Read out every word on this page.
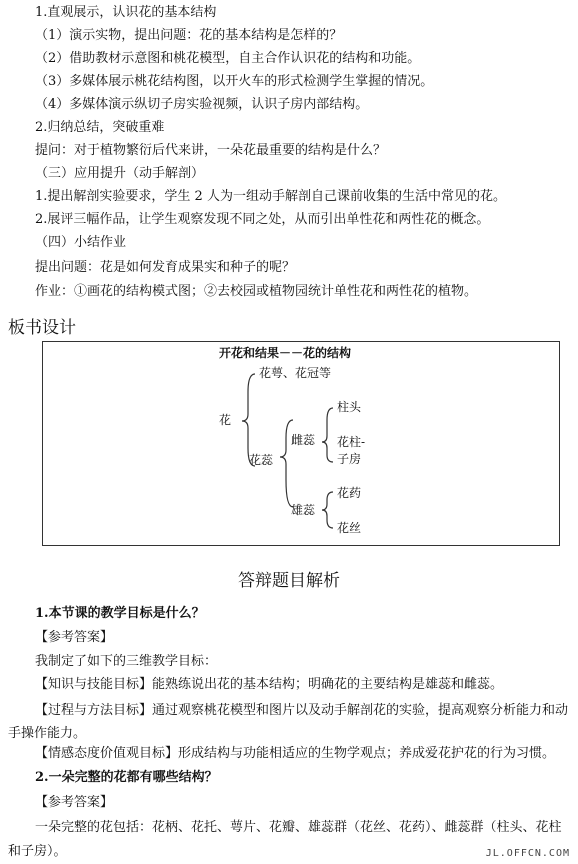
1.直观展示，认识花的基本结构
（1）演示实物，提出问题：花的基本结构是怎样的？
（2）借助教材示意图和桃花模型，自主合作认识花的结构和功能。
（3）多媒体展示桃花结构图，以开火车的形式检测学生掌握的情况。
（4）多媒体演示纵切子房实验视频，认识子房内部结构。
2.归纳总结，突破重难
提问：对于植物繁衍后代来讲，一朵花最重要的结构是什么？
（三）应用提升（动手解剖）
1.提出解剖实验要求，学生 2 人为一组动手解剖自己课前收集的生活中常见的花。
2.展评三幅作品，让学生观察发现不同之处，从而引出单性花和两性花的概念。
（四）小结作业
提出问题：花是如何发育成果实和种子的呢？
作业：①画花的结构模式图；②去校园或植物园统计单性花和两性花的植物。
板书设计
开花和结果－－花的结构
花
花萼、花冠等
花蕊
雌蕊
柱头
花柱-
子房
雄蕊
花药
花丝
答辩题目解析
1.本节课的教学目标是什么？
【参考答案】
我制定了如下的三维教学目标：
【知识与技能目标】能熟练说出花的基本结构；明确花的主要结构是雄蕊和雌蕊。
【过程与方法目标】通过观察桃花模型和图片以及动手解剖花的实验，提高观察分析能力和动手操作能力。
【情感态度价值观目标】形成结构与功能相适应的生物学观点；养成爱花护花的行为习惯。
2.一朵完整的花都有哪些结构？
【参考答案】
一朵完整的花包括：花柄、花托、萼片、花瓣、雄蕊群（花丝、花药）、雌蕊群（柱头、花柱和子房）。	JL.OFFCN.COM
